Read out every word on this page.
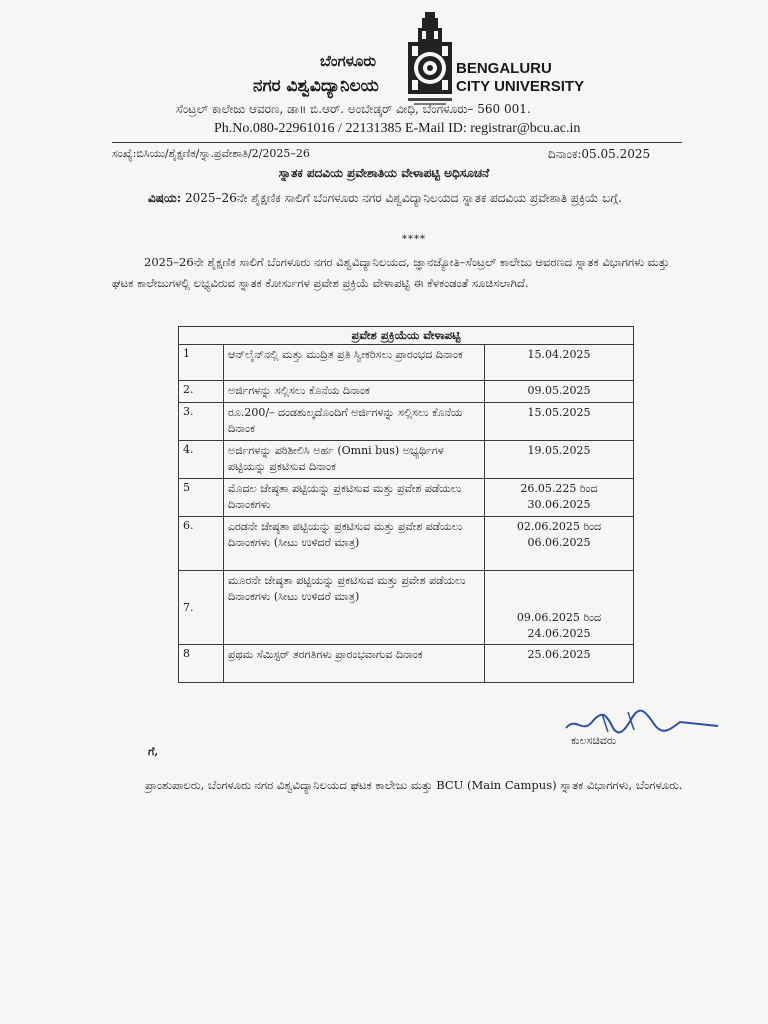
ಬೆಂಗಳೂರು
ನಗರ ವಿಶ್ವವಿದ್ಯಾನಿಲಯ
BENGALURU
CITY UNIVERSITY
ಸೆಂಟ್ರಲ್ ಕಾಲೇಜು ಆವರಣ, ಡಾ॥ ಬಿ.ಆರ್. ಅಂಬೇಡ್ಕರ್ ವೀಧಿ, ಬೆಂಗಳೂರು– 560 001.
Ph.No.080-22961016 / 22131385 E-Mail ID: registrar@bcu.ac.in
ಸಂಖ್ಯೆ:ಬಿಸಿಯು/ಶೈಕ್ಷಣಿಕ/ಸ್ನಾ.ಪ್ರವೇಶಾತಿ/2/2025–26	ದಿನಾಂಕ:05.05.2025
ಸ್ನಾತಕ ಪದವಿಯ ಪ್ರವೇಶಾತಿಯ ವೇಳಾಪಟ್ಟಿ ಅಧಿಸೂಚನೆ
ವಿಷಯ: 2025–26ನೇ ಶೈಕ್ಷಣಿಕ ಸಾಲಿಗೆ ಬೆಂಗಳೂರು ನಗರ ವಿಶ್ವವಿದ್ಯಾನಿಲಯದ ಸ್ನಾತಕ ಪದವಿಯ ಪ್ರವೇಶಾತಿ ಪ್ರಕ್ರಿಯೆ ಬಗ್ಗೆ.
****
2025–26ನೇ ಶೈಕ್ಷಣಿಕ ಸಾಲಿಗೆ ಬೆಂಗಳೂರು ನಗರ ವಿಶ್ವವಿದ್ಯಾನಿಲಯದ, ಜ್ಞಾನಜ್ಯೋತಿ–ಸೆಂಟ್ರಲ್ ಕಾಲೇಜು ಆವರಣದ ಸ್ನಾತಕ ವಿಭಾಗಗಳು ಮತ್ತು ಘಟಕ ಕಾಲೇಜುಗಳಲ್ಲಿ ಲಭ್ಯವಿರುವ ಸ್ನಾತಕ ಕೋರ್ಸುಗಳ ಪ್ರವೇಶ ಪ್ರಕ್ರಿಯೆ ವೇಳಾಪಟ್ಟಿ ಈ ಕೆಳಕಂಡಂತೆ ಸೂಚಿಸಲಾಗಿದೆ.
ಪ್ರವೇಶ ಪ್ರಕ್ರಿಯೆಯ ವೇಳಾಪಟ್ಟಿ		
1	ಆನ್‌ಲೈನ್‌ನಲ್ಲಿ ಮತ್ತು ಮುದ್ರಿತ ಪ್ರತಿ ಸ್ವೀಕರಿಸಲು ಪ್ರಾರಂಭದ ದಿನಾಂಕ	15.04.2025
2.	ಅರ್ಜಿಗಳನ್ನು ಸಲ್ಲಿಸಲು ಕೊನೆಯ ದಿನಾಂಕ	09.05.2025
3.	ರೂ.200/– ದಂಡಶುಲ್ಕದೊಂದಿಗೆ ಅರ್ಜಿಗಳನ್ನು ಸಲ್ಲಿಸಲು ಕೊನೆಯ ದಿನಾಂಕ	15.05.2025
4.	ಅರ್ಜಿಗಳನ್ನು ಪರಿಶೀಲಿಸಿ ಅರ್ಹ (Omni bus) ಅಭ್ಯರ್ಥಿಗಳ ಪಟ್ಟಿಯನ್ನು ಪ್ರಕಟಿಸುವ ದಿನಾಂಕ	19.05.2025
5	ಮೊದಲ ಜೇಷ್ಠತಾ ಪಟ್ಟಿಯನ್ನು ಪ್ರಕಟಿಸುವ ಮತ್ತು ಪ್ರವೇಶ ಪಡೆಯಲು ದಿನಾಂಕಗಳು	26.05.225 ರಿಂದ 30.06.2025
6.	ಎರಡನೇ ಜೇಷ್ಠತಾ ಪಟ್ಟಿಯನ್ನು ಪ್ರಕಟಿಸುವ ಮತ್ತು ಪ್ರವೇಶ ಪಡೆಯಲು ದಿನಾಂಕಗಳು (ಸೀಟು ಉಳಿದರೆ ಮಾತ್ರ)	02.06.2025 ರಿಂದ 06.06.2025
7.	ಮೂರನೇ ಜೇಷ್ಠತಾ ಪಟ್ಟಿಯನ್ನು ಪ್ರಕಟಿಸುವ ಮತ್ತು ಪ್ರವೇಶ ಪಡೆಯಲು ದಿನಾಂಕಗಳು (ಸೀಟು ಉಳಿದರೆ ಮಾತ್ರ)	09.06.2025 ರಿಂದ 24.06.2025
8	ಪ್ರಥಮ ಸೆಮಿಸ್ಟರ್ ತರಗತಿಗಳು ಪ್ರಾರಂಭವಾಗುವ ದಿನಾಂಕ	25.06.2025
ಕುಲಸಚಿವರು
ಗೆ,
ಪ್ರಾಂಶುಪಾಲರು, ಬೆಂಗಳೂರು ನಗರ ವಿಶ್ವವಿದ್ಯಾನಿಲಯದ ಘಟಕ ಕಾಲೇಜು ಮತ್ತು BCU (Main Campus) ಸ್ನಾತಕ ವಿಭಾಗಗಳು, ಬೆಂಗಳೂರು.
